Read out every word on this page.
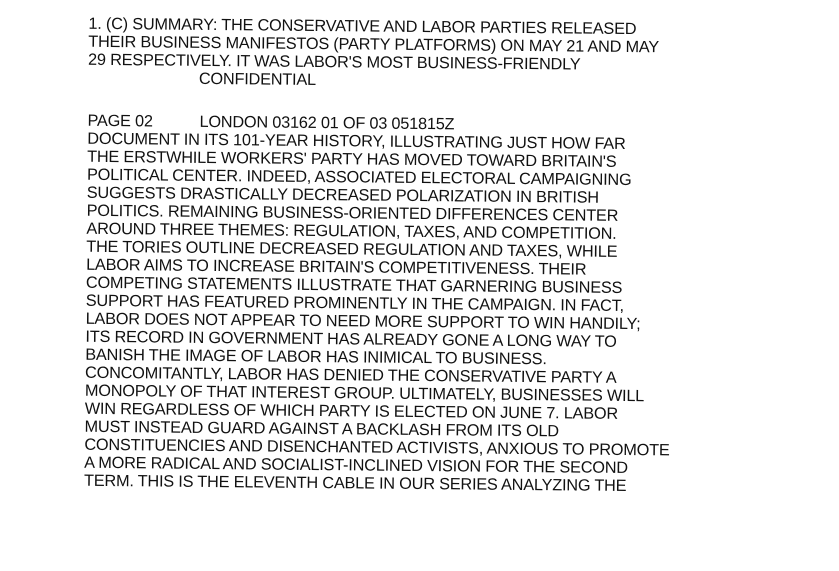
1. (C) SUMMARY: THE CONSERVATIVE AND LABOR PARTIES RELEASED
THEIR BUSINESS MANIFESTOS (PARTY PLATFORMS) ON MAY 21 AND MAY
29 RESPECTIVELY. IT WAS LABOR'S MOST BUSINESS-FRIENDLY
CONFIDENTIAL
PAGE 02	LONDON 03162 01 OF 03 051815Z
DOCUMENT IN ITS 101-YEAR HISTORY, ILLUSTRATING JUST HOW FAR
THE ERSTWHILE WORKERS' PARTY HAS MOVED TOWARD BRITAIN'S
POLITICAL CENTER. INDEED, ASSOCIATED ELECTORAL CAMPAIGNING
SUGGESTS DRASTICALLY DECREASED POLARIZATION IN BRITISH
POLITICS. REMAINING BUSINESS-ORIENTED DIFFERENCES CENTER
AROUND THREE THEMES: REGULATION, TAXES, AND COMPETITION.
THE TORIES OUTLINE DECREASED REGULATION AND TAXES, WHILE
LABOR AIMS TO INCREASE BRITAIN'S COMPETITIVENESS. THEIR
COMPETING STATEMENTS ILLUSTRATE THAT GARNERING BUSINESS
SUPPORT HAS FEATURED PROMINENTLY IN THE CAMPAIGN. IN FACT,
LABOR DOES NOT APPEAR TO NEED MORE SUPPORT TO WIN HANDILY;
ITS RECORD IN GOVERNMENT HAS ALREADY GONE A LONG WAY TO
BANISH THE IMAGE OF LABOR HAS INIMICAL TO BUSINESS.
CONCOMITANTLY, LABOR HAS DENIED THE CONSERVATIVE PARTY A
MONOPOLY OF THAT INTEREST GROUP. ULTIMATELY, BUSINESSES WILL
WIN REGARDLESS OF WHICH PARTY IS ELECTED ON JUNE 7. LABOR
MUST INSTEAD GUARD AGAINST A BACKLASH FROM ITS OLD
CONSTITUENCIES AND DISENCHANTED ACTIVISTS, ANXIOUS TO PROMOTE
A MORE RADICAL AND SOCIALIST-INCLINED VISION FOR THE SECOND
TERM. THIS IS THE ELEVENTH CABLE IN OUR SERIES ANALYZING THE
